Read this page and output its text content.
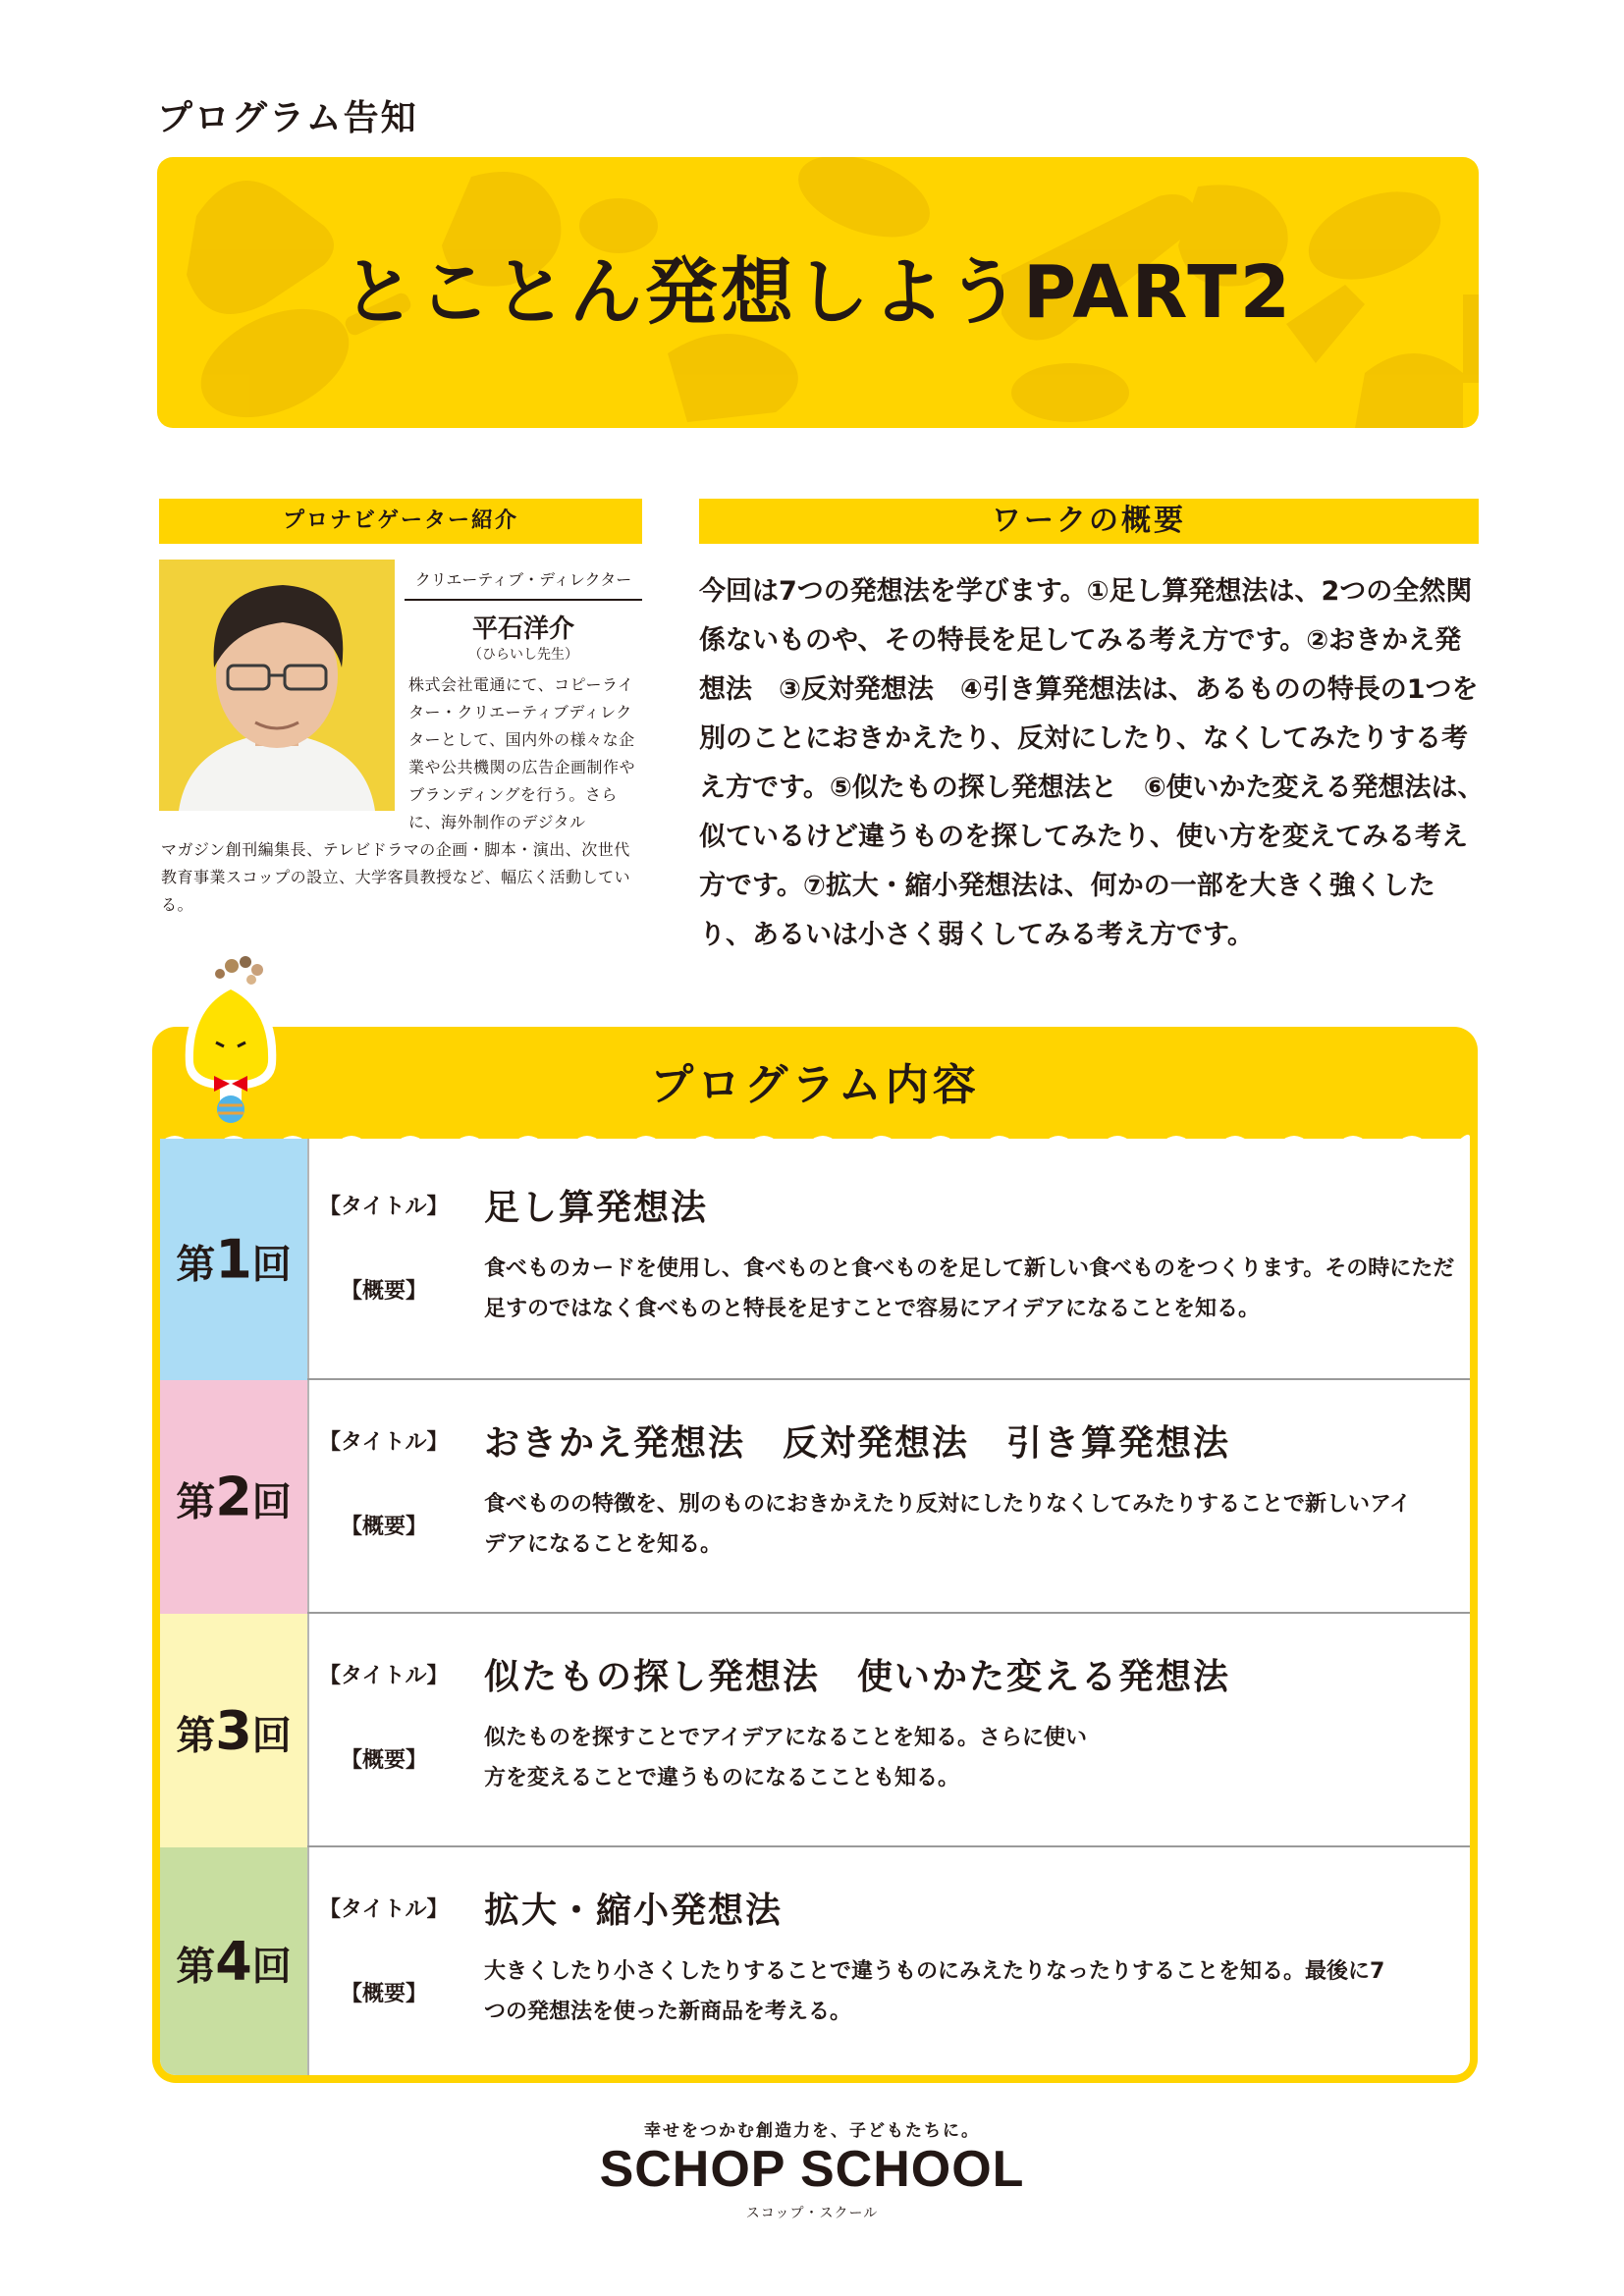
プログラム告知
とことん発想しようPART2
プロナビゲーター紹介	ワークの概要
クリエーティブ・ディレクター
平石洋介
（ひらいし先生）
株式会社電通にて、コピーライター・クリエーティブディレクターとして、国内外の様々な企業や公共機関の広告企画制作やブランディングを行う。さらに、海外制作のデジタル
マガジン創刊編集長、テレビドラマの企画・脚本・演出、次世代教育事業スコップの設立、大学客員教授など、幅広く活動している。
今回は7つの発想法を学びます。①足し算発想法は、2つの全然関係ないものや、その特長を足してみる考え方です。②おきかえ発想法　③反対発想法　④引き算発想法は、あるものの特長の1つを別のことにおきかえたり、反対にしたり、なくしてみたりする考え方です。⑤似たもの探し発想法と　⑥使いかた変える発想法は、似ているけど違うものを探してみたり、使い方を変えてみる考え方です。⑦拡大・縮小発想法は、何かの一部を大きく強くしたり、あるいは小さく弱くしてみる考え方です。
プログラム内容
第1回
【タイトル】 足し算発想法
【概要】
食べものカードを使用し、食べものと食べものを足して新しい食べものをつくります。その時にただ足すのではなく食べものと特長を足すことで容易にアイデアになることを知る。
第2回
【タイトル】 おきかえ発想法　反対発想法　引き算発想法
【概要】
食べものの特徴を、別のものにおきかえたり反対にしたりなくしてみたりすることで新しいアイデアになることを知る。
第3回
【タイトル】 似たもの探し発想法　使いかた変える発想法
【概要】
似たものを探すことでアイデアになることを知る。さらに使い方を変えることで違うものになるこことも知る。
第4回
【タイトル】 拡大・縮小発想法
【概要】
大きくしたり小さくしたりすることで違うものにみえたりなったりすることを知る。最後に7つの発想法を使った新商品を考える。
幸せをつかむ創造力を、子どもたちに。
SCHOP SCHOOL
スコップ・スクール
